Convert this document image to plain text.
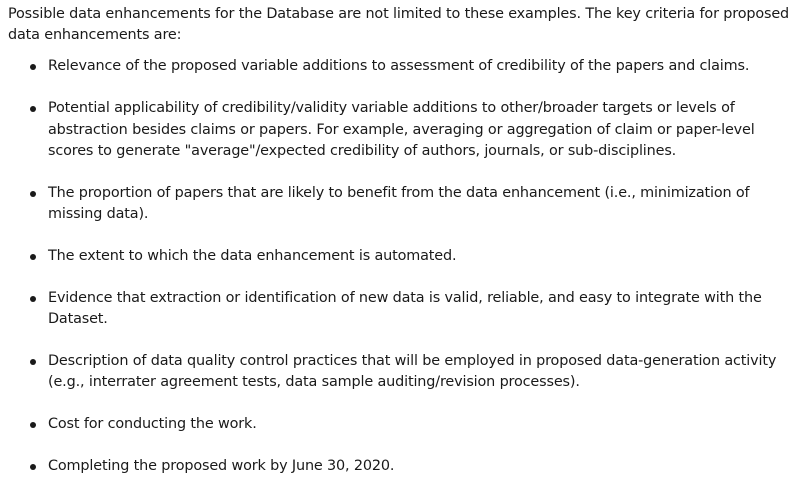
Possible data enhancements for the Database are not limited to these examples. The key criteria for proposed data enhancements are:

Relevance of the proposed variable additions to assessment of credibility of the papers and claims.
Potential applicability of credibility/validity variable additions to other/broader targets or levels of abstraction besides claims or papers. For example, averaging or aggregation of claim or paper-level scores to generate "average"/expected credibility of authors, journals, or sub-disciplines.
The proportion of papers that are likely to benefit from the data enhancement (i.e., minimization of missing data).
The extent to which the data enhancement is automated.
Evidence that extraction or identification of new data is valid, reliable, and easy to integrate with the Dataset.
Description of data quality control practices that will be employed in proposed data-generation activity (e.g., interrater agreement tests, data sample auditing/revision processes).
Cost for conducting the work.
Completing the proposed work by June 30, 2020.
